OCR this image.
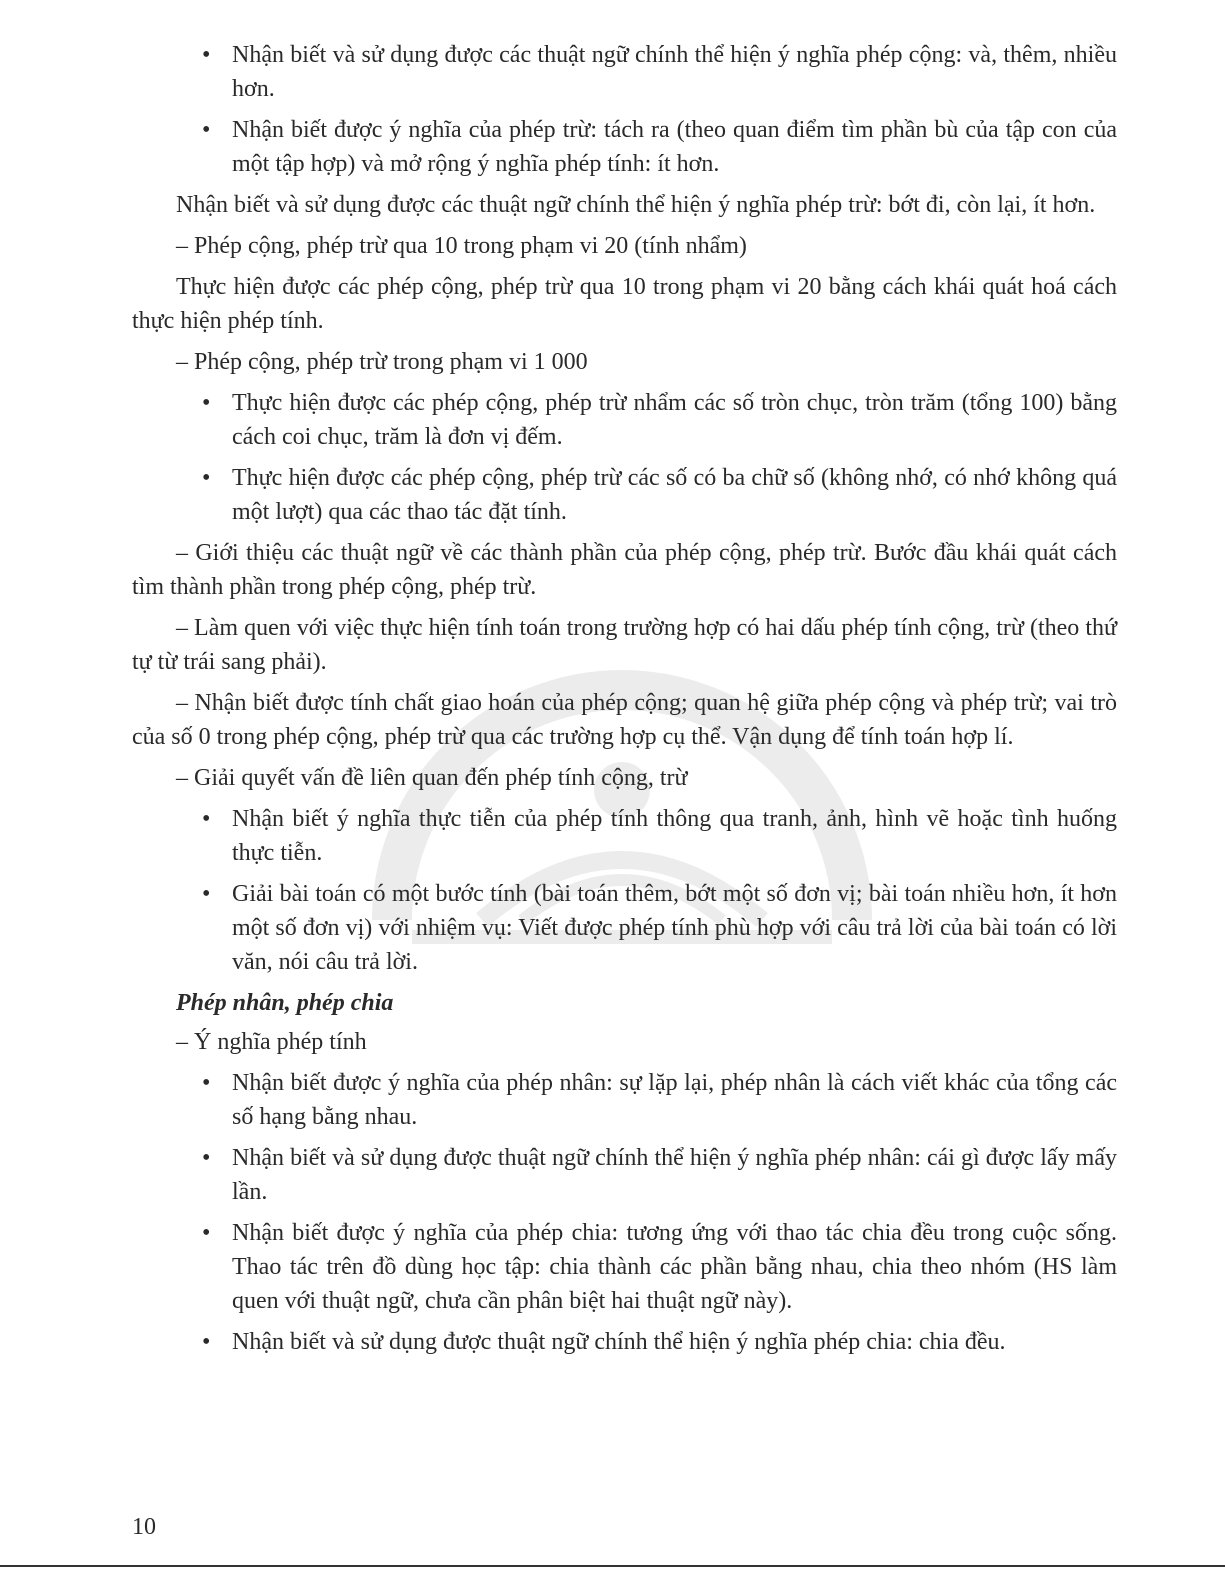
• Nhận biết và sử dụng được các thuật ngữ chính thể hiện ý nghĩa phép cộng: và, thêm, nhiều hơn.

• Nhận biết được ý nghĩa của phép trừ: tách ra (theo quan điểm tìm phần bù của tập con của một tập hợp) và mở rộng ý nghĩa phép tính: ít hơn.

Nhận biết và sử dụng được các thuật ngữ chính thể hiện ý nghĩa phép trừ: bớt đi, còn lại, ít hơn.

– Phép cộng, phép trừ qua 10 trong phạm vi 20 (tính nhẩm)

Thực hiện được các phép cộng, phép trừ qua 10 trong phạm vi 20 bằng cách khái quát hoá cách thực hiện phép tính.

– Phép cộng, phép trừ trong phạm vi 1 000

• Thực hiện được các phép cộng, phép trừ nhẩm các số tròn chục, tròn trăm (tổng 100) bằng cách coi chục, trăm là đơn vị đếm.

• Thực hiện được các phép cộng, phép trừ các số có ba chữ số (không nhớ, có nhớ không quá một lượt) qua các thao tác đặt tính.

– Giới thiệu các thuật ngữ về các thành phần của phép cộng, phép trừ. Bước đầu khái quát cách tìm thành phần trong phép cộng, phép trừ.

– Làm quen với việc thực hiện tính toán trong trường hợp có hai dấu phép tính cộng, trừ (theo thứ tự từ trái sang phải).

– Nhận biết được tính chất giao hoán của phép cộng; quan hệ giữa phép cộng và phép trừ; vai trò của số 0 trong phép cộng, phép trừ qua các trường hợp cụ thể. Vận dụng để tính toán hợp lí.

– Giải quyết vấn đề liên quan đến phép tính cộng, trừ

• Nhận biết ý nghĩa thực tiễn của phép tính thông qua tranh, ảnh, hình vẽ hoặc tình huống thực tiễn.

• Giải bài toán có một bước tính (bài toán thêm, bớt một số đơn vị; bài toán nhiều hơn, ít hơn một số đơn vị) với nhiệm vụ: Viết được phép tính phù hợp với câu trả lời của bài toán có lời văn, nói câu trả lời.

Phép nhân, phép chia

– Ý nghĩa phép tính

• Nhận biết được ý nghĩa của phép nhân: sự lặp lại, phép nhân là cách viết khác của tổng các số hạng bằng nhau.

• Nhận biết và sử dụng được thuật ngữ chính thể hiện ý nghĩa phép nhân: cái gì được lấy mấy lần.

• Nhận biết được ý nghĩa của phép chia: tương ứng với thao tác chia đều trong cuộc sống. Thao tác trên đồ dùng học tập: chia thành các phần bằng nhau, chia theo nhóm (HS làm quen với thuật ngữ, chưa cần phân biệt hai thuật ngữ này).

• Nhận biết và sử dụng được thuật ngữ chính thể hiện ý nghĩa phép chia: chia đều.

10
